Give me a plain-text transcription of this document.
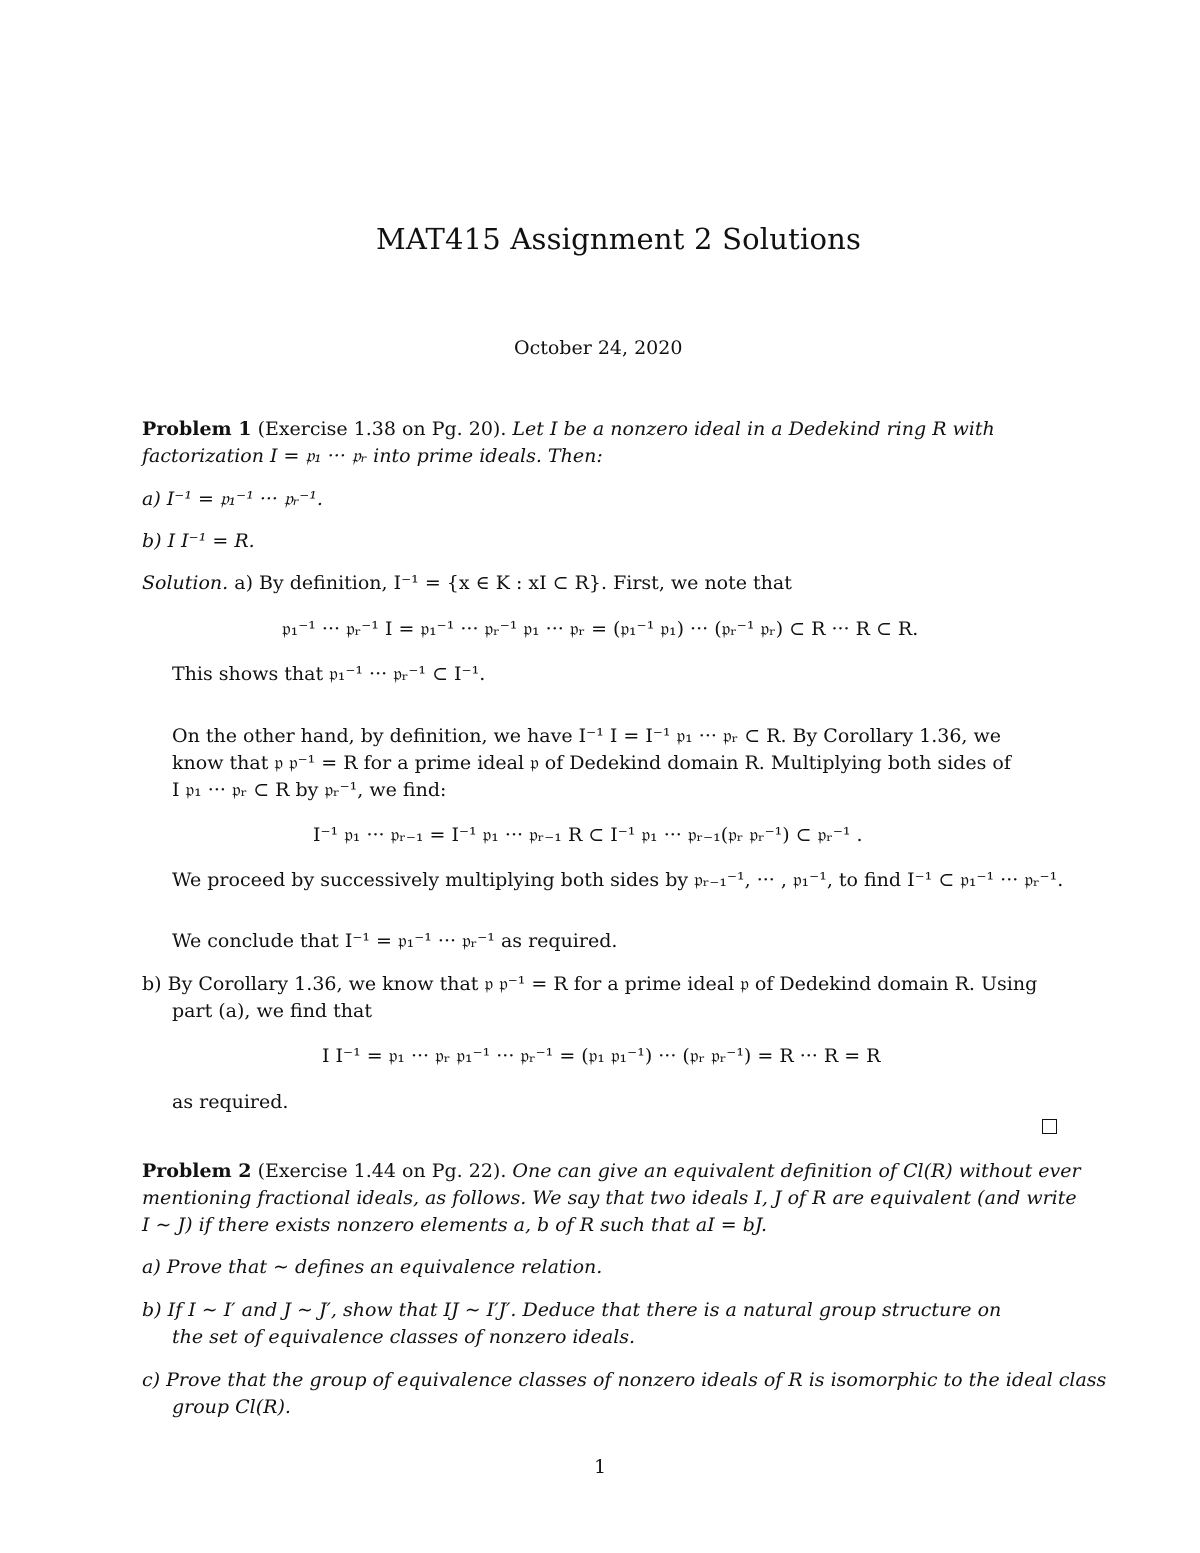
MAT415 Assignment 2 Solutions
October 24, 2020
Problem 1 (Exercise 1.38 on Pg. 20). Let I be a nonzero ideal in a Dedekind ring R with
factorization I = 𝔭₁ ··· 𝔭ᵣ into prime ideals. Then:
a) I⁻¹ = 𝔭₁⁻¹ ··· 𝔭ᵣ⁻¹.
b) I I⁻¹ = R.
Solution. a) By definition, I⁻¹ = {x ∈ K : xI ⊂ R}. First, we note that
𝔭₁⁻¹ ··· 𝔭ᵣ⁻¹ I = 𝔭₁⁻¹ ··· 𝔭ᵣ⁻¹ 𝔭₁ ··· 𝔭ᵣ = (𝔭₁⁻¹ 𝔭₁) ··· (𝔭ᵣ⁻¹ 𝔭ᵣ) ⊂ R ··· R ⊂ R.
This shows that 𝔭₁⁻¹ ··· 𝔭ᵣ⁻¹ ⊂ I⁻¹.
On the other hand, by definition, we have I⁻¹ I = I⁻¹ 𝔭₁ ··· 𝔭ᵣ ⊂ R. By Corollary 1.36, we
know that 𝔭 𝔭⁻¹ = R for a prime ideal 𝔭 of Dedekind domain R. Multiplying both sides of
I 𝔭₁ ··· 𝔭ᵣ ⊂ R by 𝔭ᵣ⁻¹, we find:
I⁻¹ 𝔭₁ ··· 𝔭ᵣ₋₁ = I⁻¹ 𝔭₁ ··· 𝔭ᵣ₋₁ R ⊂ I⁻¹ 𝔭₁ ··· 𝔭ᵣ₋₁(𝔭ᵣ 𝔭ᵣ⁻¹) ⊂ 𝔭ᵣ⁻¹ .
We proceed by successively multiplying both sides by 𝔭ᵣ₋₁⁻¹, ··· , 𝔭₁⁻¹, to find I⁻¹ ⊂ 𝔭₁⁻¹ ··· 𝔭ᵣ⁻¹.
We conclude that I⁻¹ = 𝔭₁⁻¹ ··· 𝔭ᵣ⁻¹ as required.
b) By Corollary 1.36, we know that 𝔭 𝔭⁻¹ = R for a prime ideal 𝔭 of Dedekind domain R. Using
part (a), we find that
I I⁻¹ = 𝔭₁ ··· 𝔭ᵣ 𝔭₁⁻¹ ··· 𝔭ᵣ⁻¹ = (𝔭₁ 𝔭₁⁻¹) ··· (𝔭ᵣ 𝔭ᵣ⁻¹) = R ··· R = R
as required.
Problem 2 (Exercise 1.44 on Pg. 22). One can give an equivalent definition of Cl(R) without ever
mentioning fractional ideals, as follows. We say that two ideals I, J of R are equivalent (and write
I ∼ J) if there exists nonzero elements a, b of R such that aI = bJ.
a) Prove that ∼ defines an equivalence relation.
b) If I ∼ I′ and J ∼ J′, show that IJ ∼ I′J′. Deduce that there is a natural group structure on
the set of equivalence classes of nonzero ideals.
c) Prove that the group of equivalence classes of nonzero ideals of R is isomorphic to the ideal class
group Cl(R).
1
